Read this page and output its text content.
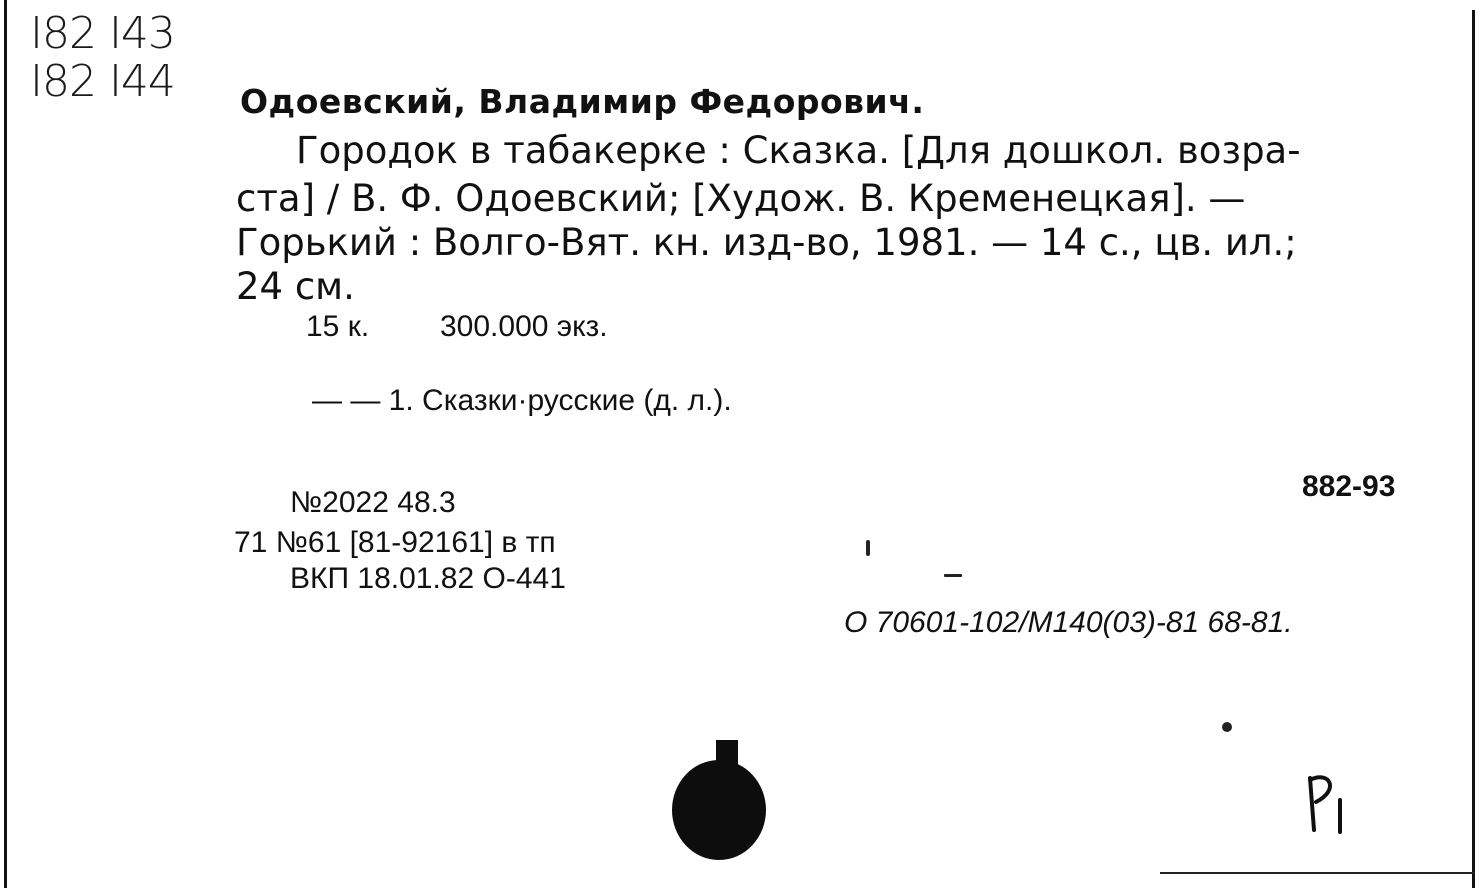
I82 I43
I82 I44 Одоевский, Владимир Федорович.
Городок в табакерке : Сказка. [Для дошкол. возра-
ста] / В. Ф. Одоевский; [Худож. В. Кременецкая]. —
Горький : Волго-Вят. кн. изд-во, 1981. — 14 с., цв. ил.;
24 см.
15 к. 300.000 экз.
— — 1. Сказки·русские (д. л.).
№2022 48.3
71 №61 [81-92161] в тп
ВКП 18.01.82 О-441
882-93
О 70601-102/М140(03)-81 68-81.
